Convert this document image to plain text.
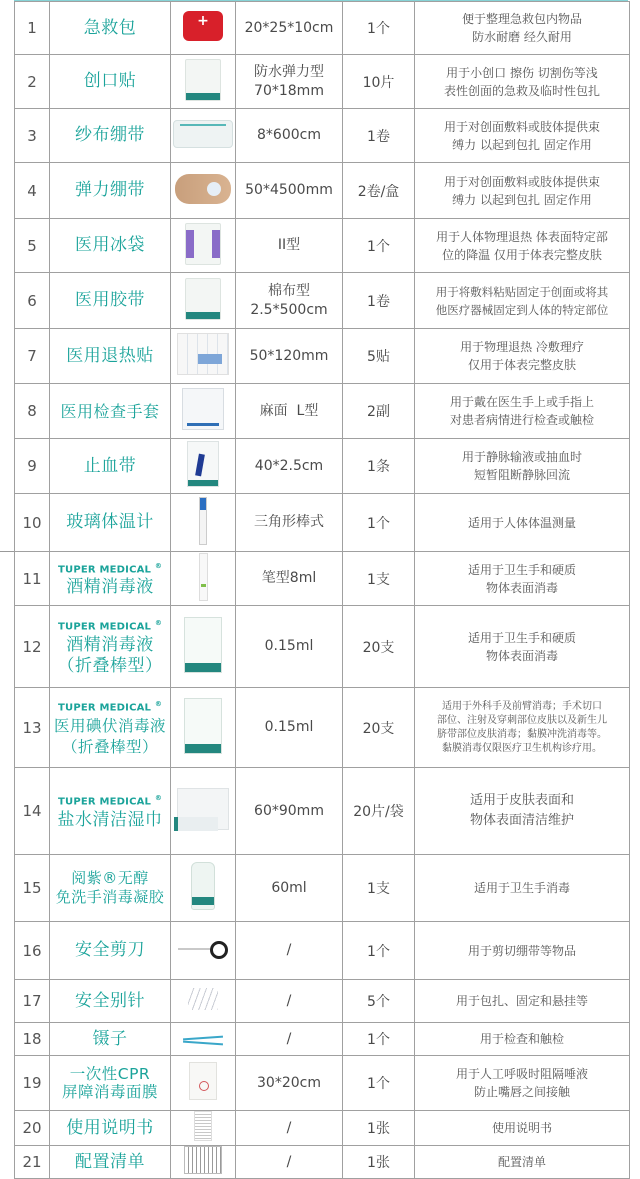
1	急救包
	+	20*25*10cm	1个	便于整理急救包内物品
防水耐磨 经久耐用

2	创口贴		防水弹力型
70*18mm	10片	用于小创口 擦伤 切割伤等浅
表性创面的急救及临时性包扎

3	纱布绷带		8*600cm	1卷	用于对创面敷料或肢体提供束
缚力 以起到包扎 固定作用

4	弹力绷带		50*4500mm	2卷/盒	用于对创面敷料或肢体提供束
缚力 以起到包扎 固定作用

5	医用冰袋		II型	1个	用于人体物理退热 体表面特定部
位的降温 仅用于体表完整皮肤

6	医用胶带		棉布型
2.5*500cm	1卷	用于将敷料粘贴固定于创面或将其
他医疗器械固定到人体的特定部位

7	医用退热贴		50*120mm	5贴	用于物理退热 冷敷理疗
仅用于体表完整皮肤

8	医用检查手套		麻面  L型	2副	用于戴在医生手上或手指上
对患者病情进行检查或触检

9	止血带		40*2.5cm	1条	用于静脉输液或抽血时
短暂阻断静脉回流

10	玻璃体温计		三角形棒式	1个	适用于人体体温测量

11	TUPER MEDICAL ®
酒精消毒液		笔型8ml	1支	适用于卫生手和硬质
物体表面消毒

12	TUPER MEDICAL ®
酒精消毒液
（折叠棒型）		0.15ml	20支	适用于卫生手和硬质
物体表面消毒

13	TUPER MEDICAL ®
医用碘伏消毒液
（折叠棒型）		0.15ml	20支	适用于外科手及前臂消毒；手术切口
部位、注射及穿刺部位皮肤以及新生儿
脐带部位皮肤消毒；黏膜冲洗消毒等。
黏膜消毒仅限医疗卫生机构诊疗用。

14	TUPER MEDICAL ®
盐水清洁湿巾		60*90mm	20片/袋	适用于皮肤表面和
物体表面清洁维护

15	阅紫®无醇
免洗手消毒凝胶		60ml	1支	适用于卫生手消毒

16	安全剪刀		/	1个	用于剪切绷带等物品

17	安全别针		/	5个	用于包扎、固定和悬挂等

18	镊子		/	1个	用于检查和触检

19	一次性CPR
屏障消毒面膜		30*20cm	1个	用于人工呼吸时阻隔唾液
防止嘴唇之间接触

20	使用说明书		/	1张	使用说明书

21	配置清单		/	1张	配置清单
